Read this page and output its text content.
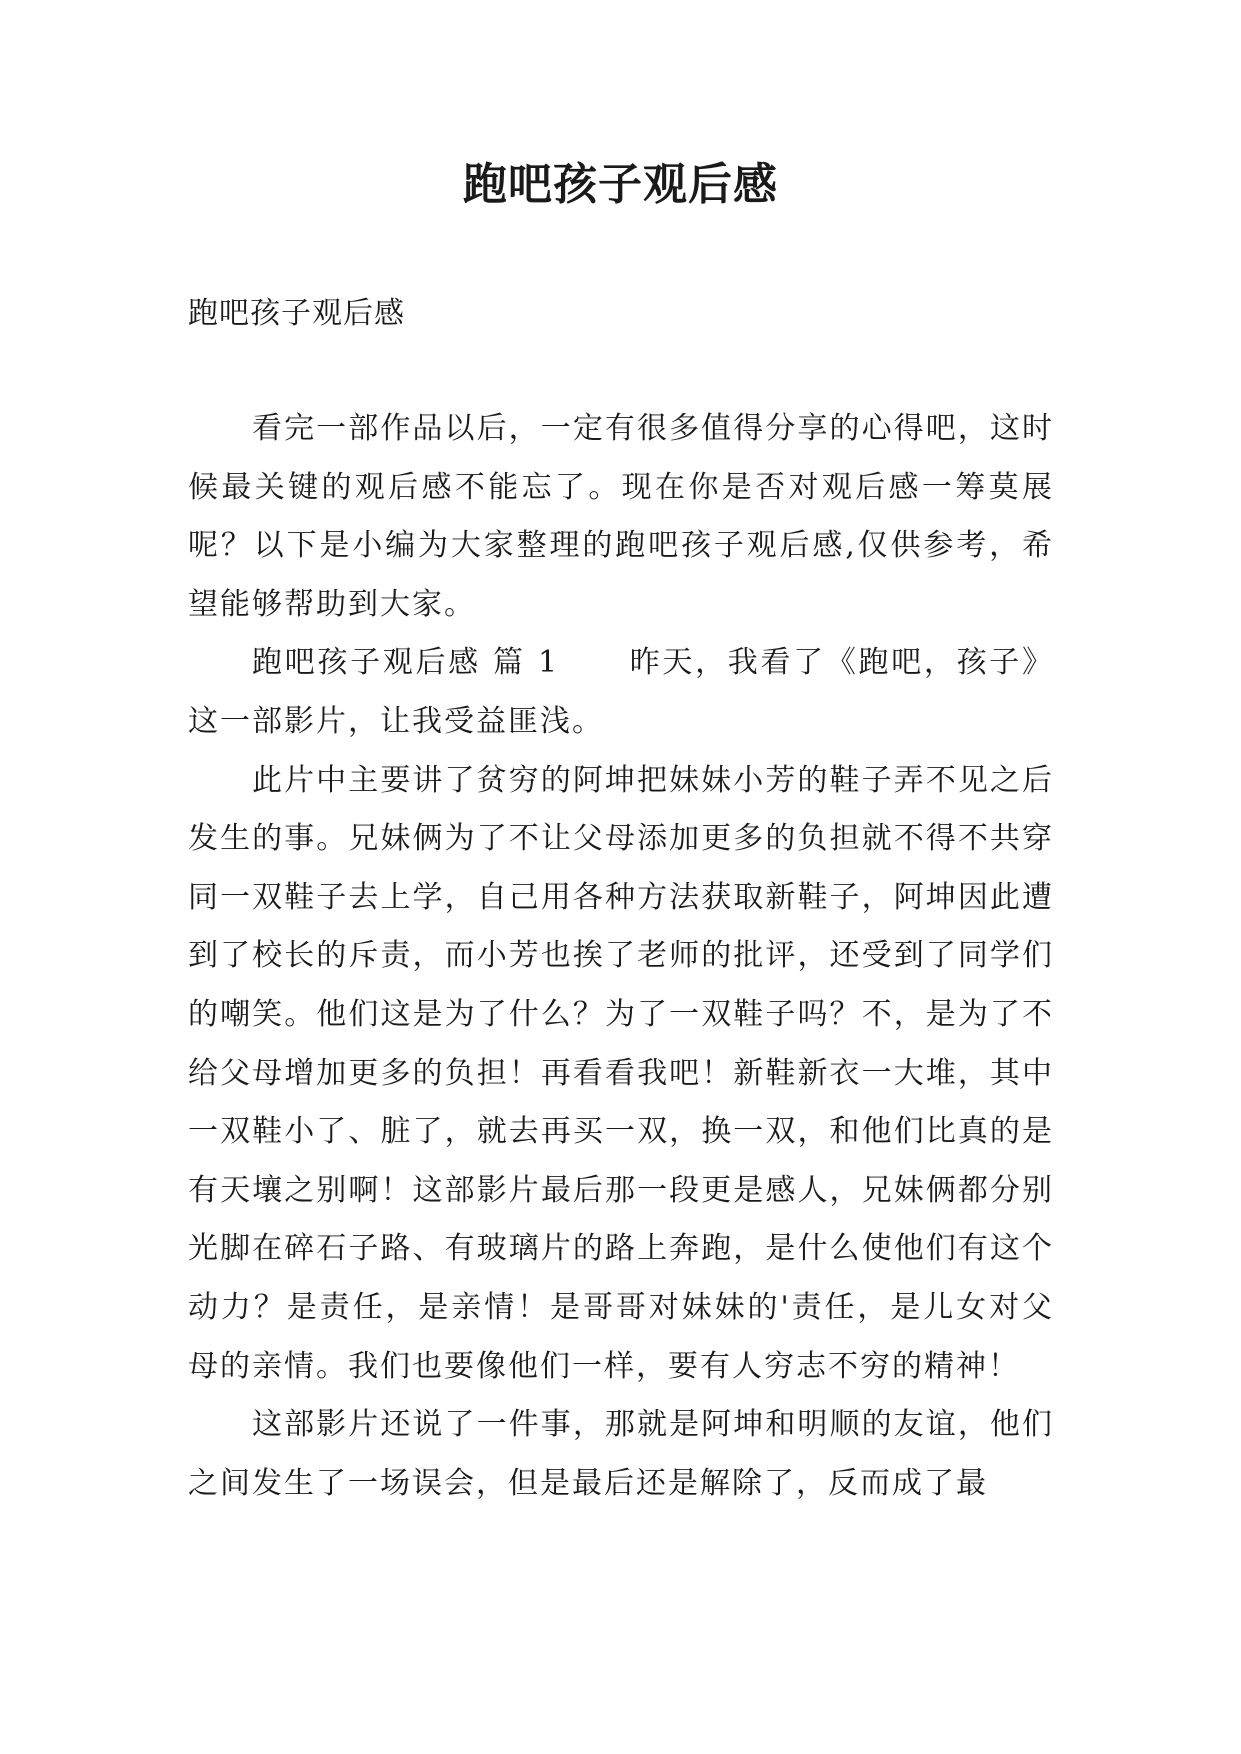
跑吧孩子观后感

跑吧孩子观后感

看完一部作品以后，一定有很多值得分享的心得吧，这时候最关键的观后感不能忘了。现在你是否对观后感一筹莫展呢？以下是小编为大家整理的跑吧孩子观后感,仅供参考，希望能够帮助到大家。

跑吧孩子观后感 篇 1 昨天，我看了《跑吧，孩子》这一部影片，让我受益匪浅。

此片中主要讲了贫穷的阿坤把妹妹小芳的鞋子弄不见之后发生的事。兄妹俩为了不让父母添加更多的负担就不得不共穿同一双鞋子去上学，自己用各种方法获取新鞋子，阿坤因此遭到了校长的斥责，而小芳也挨了老师的批评，还受到了同学们的嘲笑。他们这是为了什么？为了一双鞋子吗？不，是为了不给父母增加更多的负担！再看看我吧！新鞋新衣一大堆，其中一双鞋小了、脏了，就去再买一双，换一双，和他们比真的是有天壤之别啊！这部影片最后那一段更是感人，兄妹俩都分别光脚在碎石子路、有玻璃片的路上奔跑，是什么使他们有这个动力？是责任，是亲情！是哥哥对妹妹的'责任，是儿女对父母的亲情。我们也要像他们一样，要有人穷志不穷的精神！

这部影片还说了一件事，那就是阿坤和明顺的友谊，他们之间发生了一场误会，但是最后还是解除了，反而成了最
